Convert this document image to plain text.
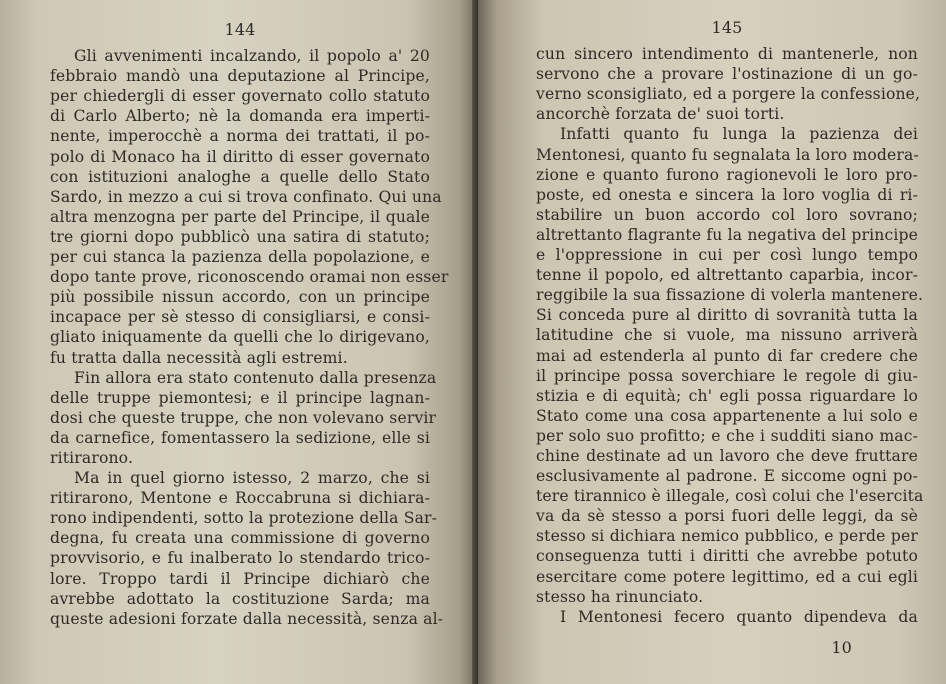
144
Gli avvenimenti incalzando, il popolo a' 20
febbraio mandò una deputazione al Principe,
per chiedergli di esser governato collo statuto
di Carlo Alberto; nè la domanda era imperti-
nente, imperocchè a norma dei trattati, il po-
polo di Monaco ha il diritto di esser governato
con istituzioni analoghe a quelle dello Stato
Sardo, in mezzo a cui si trova confinato. Qui una
altra menzogna per parte del Principe, il quale
tre giorni dopo pubblicò una satira di statuto;
per cui stanca la pazienza della popolazione, e
dopo tante prove, riconoscendo oramai non esser
più possibile nissun accordo, con un principe
incapace per sè stesso di consigliarsi, e consi-
gliato iniquamente da quelli che lo dirigevano,
fu tratta dalla necessità agli estremi.
Fin allora era stato contenuto dalla presenza
delle truppe piemontesi; e il principe lagnan-
dosi che queste truppe, che non volevano servir
da carnefice, fomentassero la sedizione, elle si
ritirarono.
Ma in quel giorno istesso, 2 marzo, che si
ritirarono, Mentone e Roccabruna si dichiara-
rono indipendenti, sotto la protezione della Sar-
degna, fu creata una commissione di governo
provvisorio, e fu inalberato lo stendardo trico-
lore. Troppo tardi il Principe dichiarò che
avrebbe adottato la costituzione Sarda; ma
queste adesioni forzate dalla necessità, senza al-
145
cun sincero intendimento di mantenerle, non
servono che a provare l'ostinazione di un go-
verno sconsigliato, ed a porgere la confessione,
ancorchè forzata de' suoi torti.
Infatti quanto fu lunga la pazienza dei
Mentonesi, quanto fu segnalata la loro modera-
zione e quanto furono ragionevoli le loro pro-
poste, ed onesta e sincera la loro voglia di ri-
stabilire un buon accordo col loro sovrano;
altrettanto flagrante fu la negativa del principe
e l'oppressione in cui per così lungo tempo
tenne il popolo, ed altrettanto caparbia, incor-
reggibile la sua fissazione di volerla mantenere.
Si conceda pure al diritto di sovranità tutta la
latitudine che si vuole, ma nissuno arriverà
mai ad estenderla al punto di far credere che
il principe possa soverchiare le regole di giu-
stizia e di equità; ch' egli possa riguardare lo
Stato come una cosa appartenente a lui solo e
per solo suo profitto; e che i sudditi siano mac-
chine destinate ad un lavoro che deve fruttare
esclusivamente al padrone. E siccome ogni po-
tere tirannico è illegale, così colui che l'esercita
va da sè stesso a porsi fuori delle leggi, da sè
stesso si dichiara nemico pubblico, e perde per
conseguenza tutti i diritti che avrebbe potuto
esercitare come potere legittimo, ed a cui egli
stesso ha rinunciato.
I Mentonesi fecero quanto dipendeva da
10
